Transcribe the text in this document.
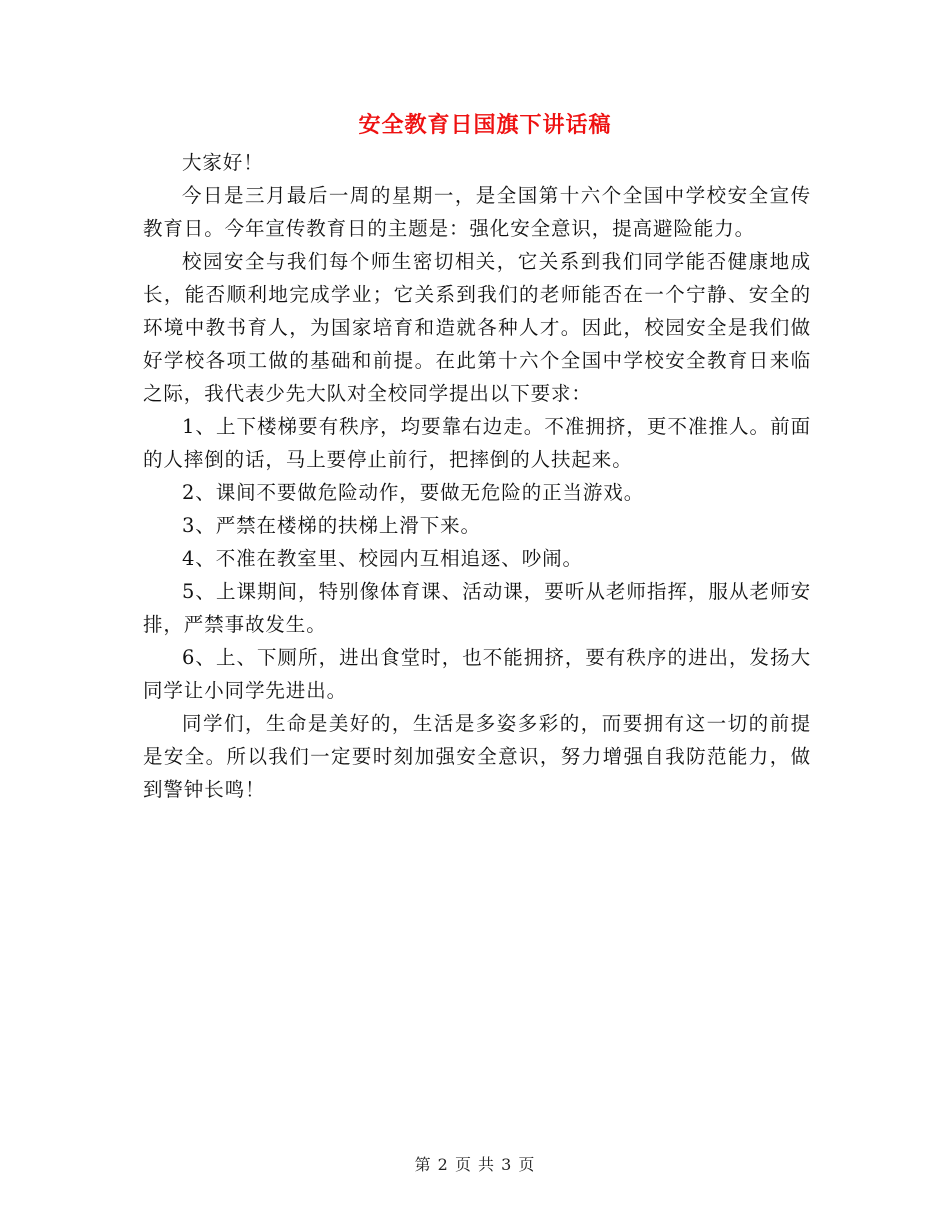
安全教育日国旗下讲话稿

大家好！

今日是三月最后一周的星期一，是全国第十六个全国中学校安全宣传教育日。今年宣传教育日的主题是：强化安全意识，提高避险能力。

校园安全与我们每个师生密切相关，它关系到我们同学能否健康地成长，能否顺利地完成学业；它关系到我们的老师能否在一个宁静、安全的环境中教书育人，为国家培育和造就各种人才。因此，校园安全是我们做好学校各项工做的基础和前提。在此第十六个全国中学校安全教育日来临之际，我代表少先大队对全校同学提出以下要求：

1、上下楼梯要有秩序，均要靠右边走。不准拥挤，更不准推人。前面的人摔倒的话，马上要停止前行，把摔倒的人扶起来。

2、课间不要做危险动作，要做无危险的正当游戏。

3、严禁在楼梯的扶梯上滑下来。

4、不准在教室里、校园内互相追逐、吵闹。

5、上课期间，特别像体育课、活动课，要听从老师指挥，服从老师安排，严禁事故发生。

6、上、下厕所，进出食堂时，也不能拥挤，要有秩序的进出，发扬大同学让小同学先进出。

同学们，生命是美好的，生活是多姿多彩的，而要拥有这一切的前提是安全。所以我们一定要时刻加强安全意识，努力增强自我防范能力，做到警钟长鸣！

第 2 页 共 3 页
